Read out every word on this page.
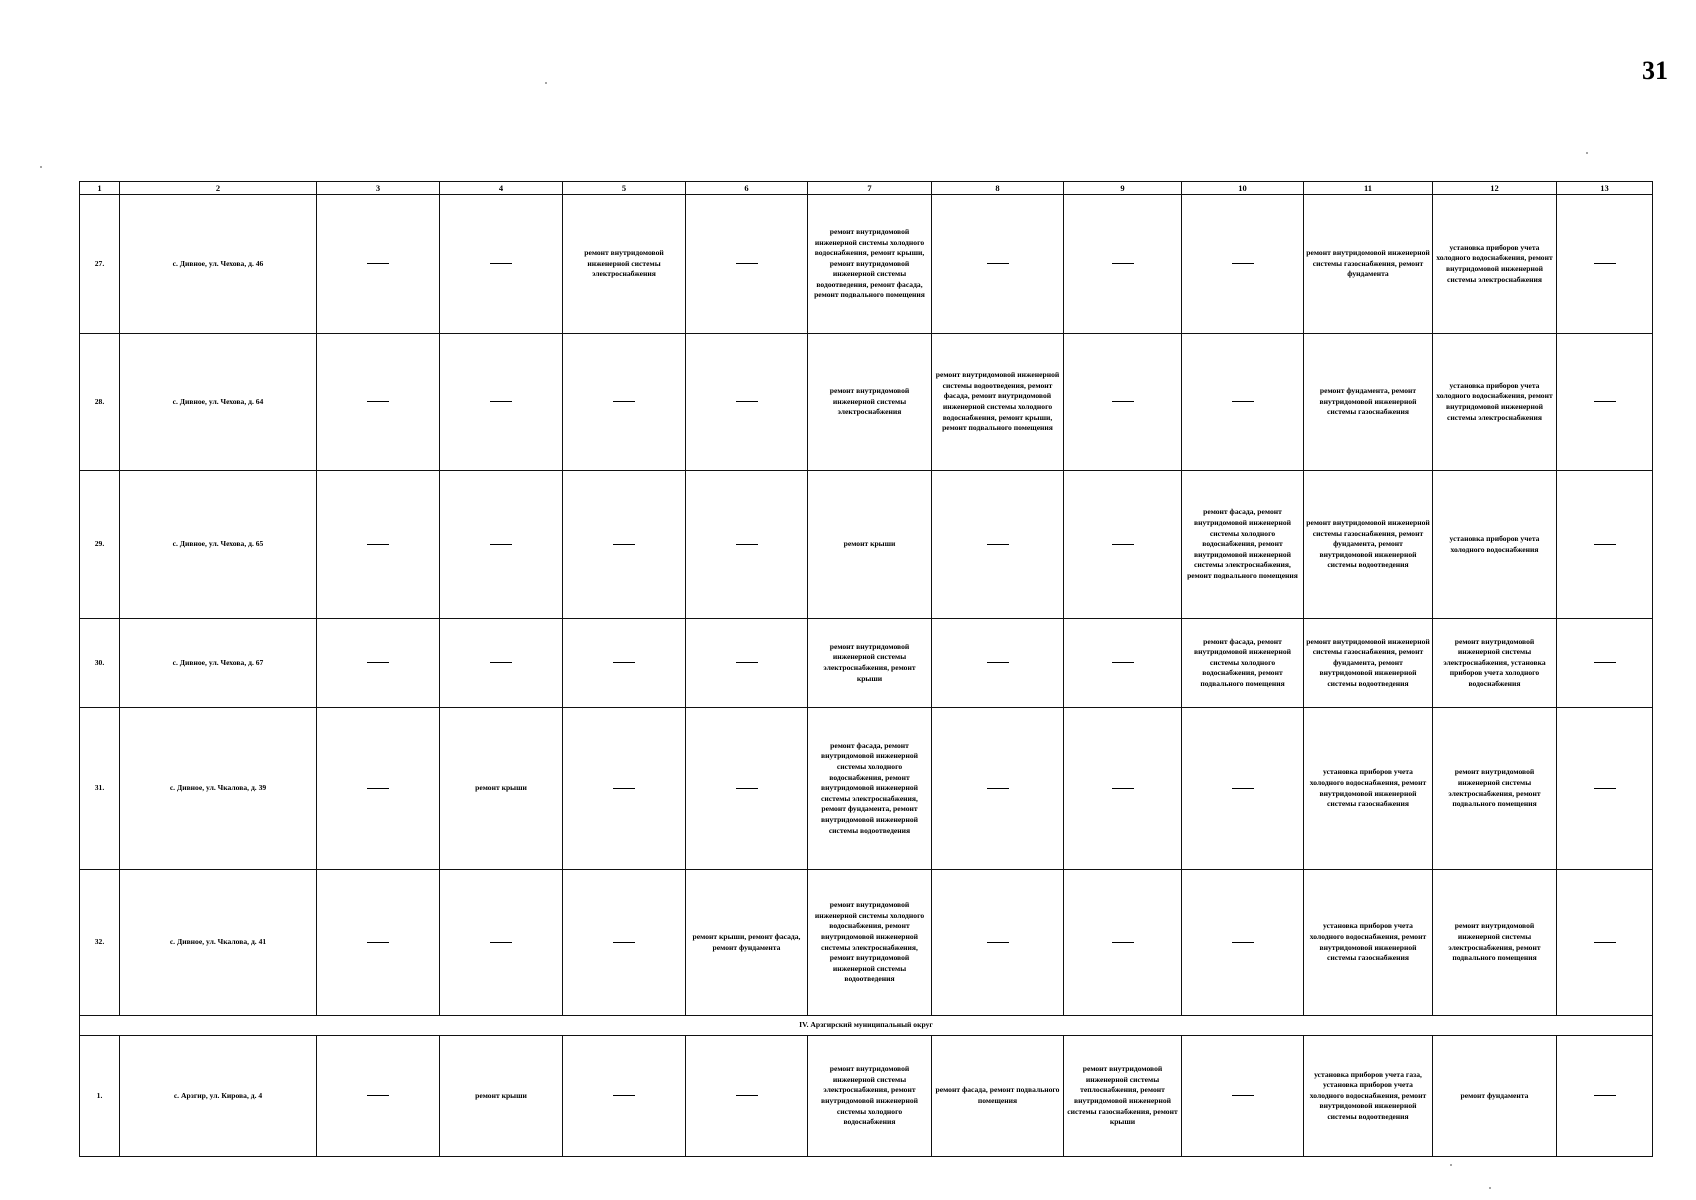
31
1	2	3	4	5	6	7	8	9	10	11	12	13
27.	с. Дивное, ул. Чехова, д. 46			ремонт внутридомовой инженерной системы электроснабжения		ремонт внутридомовой инженерной системы холодного водоснабжения, ремонт крыши, ремонт внутридомовой инженерной системы водоотведения, ремонт фасада, ремонт подвального помещения				ремонт внутридомовой инженерной системы газоснабжения, ремонт фундамента	установка приборов учета холодного водоснабжения, ремонт внутридомовой инженерной системы электроснабжения	
28.	с. Дивное, ул. Чехова, д. 64					ремонт внутридомовой инженерной системы электроснабжения	ремонт внутридомовой инженерной системы водоотведения, ремонт фасада, ремонт внутридомовой инженерной системы холодного водоснабжения, ремонт крыши, ремонт подвального помещения			ремонт фундамента, ремонт внутридомовой инженерной системы газоснабжения	установка приборов учета холодного водоснабжения, ремонт внутридомовой инженерной системы электроснабжения	
29.	с. Дивное, ул. Чехова, д. 65					ремонт крыши			ремонт фасада, ремонт внутридомовой инженерной системы холодного водоснабжения, ремонт внутридомовой инженерной системы электроснабжения, ремонт подвального помещения	ремонт внутридомовой инженерной системы газоснабжения, ремонт фундамента, ремонт внутридомовой инженерной системы водоотведения	установка приборов учета холодного водоснабжения	
30.	с. Дивное, ул. Чехова, д. 67					ремонт внутридомовой инженерной системы электроснабжения, ремонт крыши			ремонт фасада, ремонт внутридомовой инженерной системы холодного водоснабжения, ремонт подвального помещения	ремонт внутридомовой инженерной системы газоснабжения, ремонт фундамента, ремонт внутридомовой инженерной системы водоотведения	ремонт внутридомовой инженерной системы электроснабжения, установка приборов учета холодного водоснабжения	
31.	с. Дивное, ул. Чкалова, д. 39		ремонт крыши			ремонт фасада, ремонт внутридомовой инженерной системы холодного водоснабжения, ремонт внутридомовой инженерной системы электроснабжения, ремонт фундамента, ремонт внутридомовой инженерной системы водоотведения				установка приборов учета холодного водоснабжения, ремонт внутридомовой инженерной системы газоснабжения	ремонт внутридомовой инженерной системы электроснабжения, ремонт подвального помещения	
32.	с. Дивное, ул. Чкалова, д. 41				ремонт крыши, ремонт фасада, ремонт фундамента	ремонт внутридомовой инженерной системы холодного водоснабжения, ремонт внутридомовой инженерной системы электроснабжения, ремонт внутридомовой инженерной системы водоотведения				установка приборов учета холодного водоснабжения, ремонт внутридомовой инженерной системы газоснабжения	ремонт внутридомовой инженерной системы электроснабжения, ремонт подвального помещения	
IV. Арзгирский муниципальный округ												
1.	с. Арзгир, ул. Кирова, д. 4		ремонт крыши			ремонт внутридомовой инженерной системы электроснабжения, ремонт внутридомовой инженерной системы холодного водоснабжения	ремонт фасада, ремонт подвального помещения	ремонт внутридомовой инженерной системы теплоснабжения, ремонт внутридомовой инженерной системы газоснабжения, ремонт крыши		установка приборов учета газа, установка приборов учета холодного водоснабжения, ремонт внутридомовой инженерной системы водоотведения	ремонт фундамента	
